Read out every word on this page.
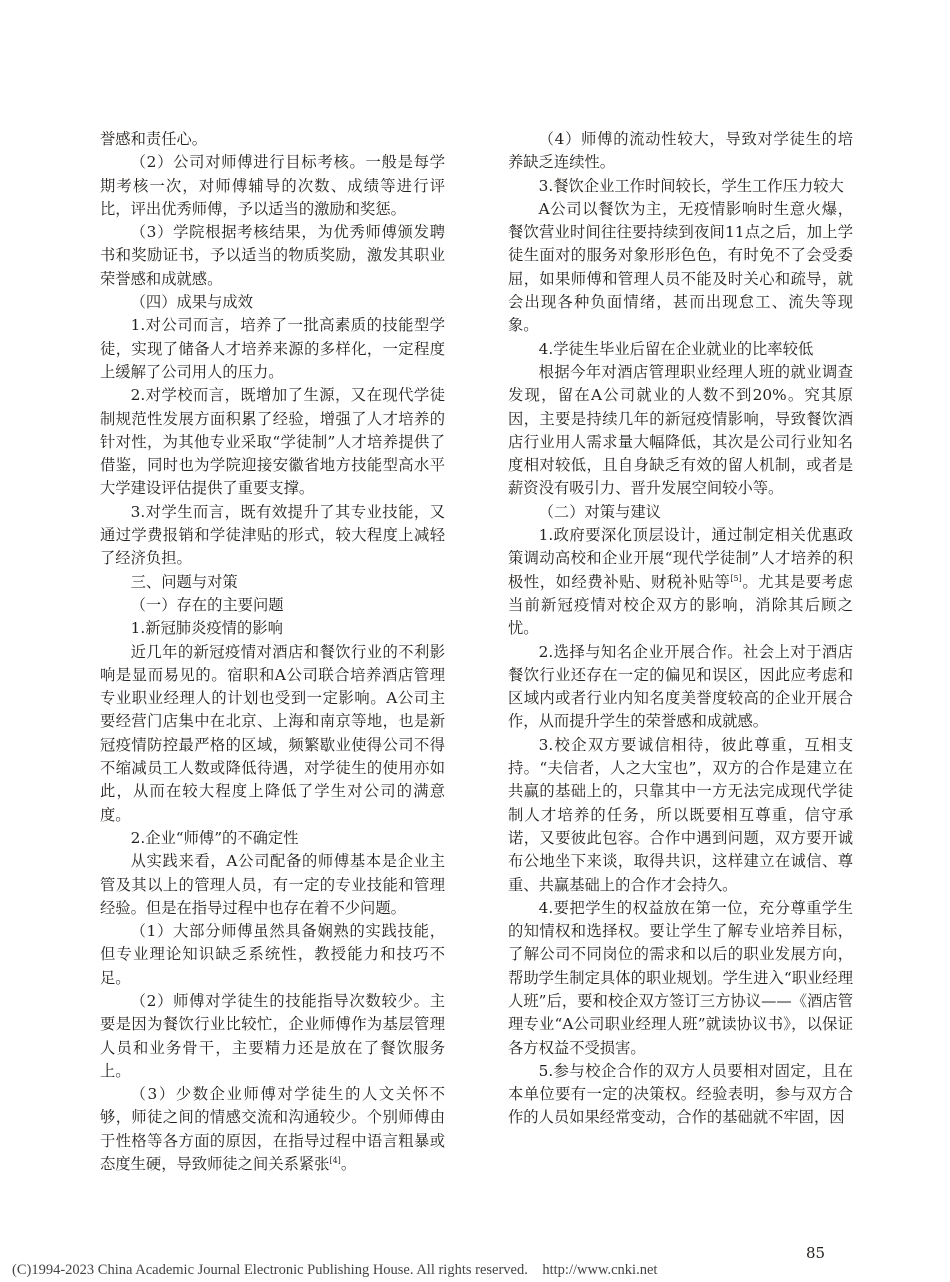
誉感和责任心。

（2）公司对师傅进行目标考核。一般是每学期考核一次，对师傅辅导的次数、成绩等进行评比，评出优秀师傅，予以适当的激励和奖惩。

（3）学院根据考核结果，为优秀师傅颁发聘书和奖励证书，予以适当的物质奖励，激发其职业荣誉感和成就感。

（四）成果与成效

1.对公司而言，培养了一批高素质的技能型学徒，实现了储备人才培养来源的多样化，一定程度上缓解了公司用人的压力。

2.对学校而言，既增加了生源，又在现代学徒制规范性发展方面积累了经验，增强了人才培养的针对性，为其他专业采取“学徒制”人才培养提供了借鉴，同时也为学院迎接安徽省地方技能型高水平大学建设评估提供了重要支撑。

3.对学生而言，既有效提升了其专业技能，又通过学费报销和学徒津贴的形式，较大程度上减轻了经济负担。

三、问题与对策

（一）存在的主要问题

1.新冠肺炎疫情的影响

近几年的新冠疫情对酒店和餐饮行业的不利影响是显而易见的。宿职和A公司联合培养酒店管理专业职业经理人的计划也受到一定影响。A公司主要经营门店集中在北京、上海和南京等地，也是新冠疫情防控最严格的区域，频繁歇业使得公司不得不缩减员工人数或降低待遇，对学徒生的使用亦如此，从而在较大程度上降低了学生对公司的满意度。

2.企业“师傅”的不确定性

从实践来看，A公司配备的师傅基本是企业主管及其以上的管理人员，有一定的专业技能和管理经验。但是在指导过程中也存在着不少问题。

（1）大部分师傅虽然具备娴熟的实践技能，但专业理论知识缺乏系统性，教授能力和技巧不足。

（2）师傅对学徒生的技能指导次数较少。主要是因为餐饮行业比较忙，企业师傅作为基层管理人员和业务骨干，主要精力还是放在了餐饮服务上。

（3）少数企业师傅对学徒生的人文关怀不够，师徒之间的情感交流和沟通较少。个别师傅由于性格等各方面的原因，在指导过程中语言粗暴或态度生硬，导致师徒之间关系紧张[4]。

（4）师傅的流动性较大，导致对学徒生的培养缺乏连续性。

3.餐饮企业工作时间较长，学生工作压力较大

A公司以餐饮为主，无疫情影响时生意火爆，餐饮营业时间往往要持续到夜间11点之后，加上学徒生面对的服务对象形形色色，有时免不了会受委屈，如果师傅和管理人员不能及时关心和疏导，就会出现各种负面情绪，甚而出现怠工、流失等现象。

4.学徒生毕业后留在企业就业的比率较低

根据今年对酒店管理职业经理人班的就业调查发现，留在A公司就业的人数不到20%。究其原因，主要是持续几年的新冠疫情影响，导致餐饮酒店行业用人需求量大幅降低，其次是公司行业知名度相对较低，且自身缺乏有效的留人机制，或者是薪资没有吸引力、晋升发展空间较小等。

（二）对策与建议

1.政府要深化顶层设计，通过制定相关优惠政策调动高校和企业开展“现代学徒制”人才培养的积极性，如经费补贴、财税补贴等[5]。尤其是要考虑当前新冠疫情对校企双方的影响，消除其后顾之忧。

2.选择与知名企业开展合作。社会上对于酒店餐饮行业还存在一定的偏见和误区，因此应考虑和区域内或者行业内知名度美誉度较高的企业开展合作，从而提升学生的荣誉感和成就感。

3.校企双方要诚信相待，彼此尊重，互相支持。“夫信者，人之大宝也”，双方的合作是建立在共赢的基础上的，只靠其中一方无法完成现代学徒制人才培养的任务，所以既要相互尊重，信守承诺，又要彼此包容。合作中遇到问题，双方要开诚布公地坐下来谈，取得共识，这样建立在诚信、尊重、共赢基础上的合作才会持久。

4.要把学生的权益放在第一位，充分尊重学生的知情权和选择权。要让学生了解专业培养目标，了解公司不同岗位的需求和以后的职业发展方向，帮助学生制定具体的职业规划。学生进入“职业经理人班”后，要和校企双方签订三方协议——《酒店管理专业“A公司职业经理人班”就读协议书》，以保证各方权益不受损害。

5.参与校企合作的双方人员要相对固定，且在本单位要有一定的决策权。经验表明，参与双方合作的人员如果经常变动，合作的基础就不牢固，因

85
(C)1994-2023 China Academic Journal Electronic Publishing House. All rights reserved.    http://www.cnki.net
